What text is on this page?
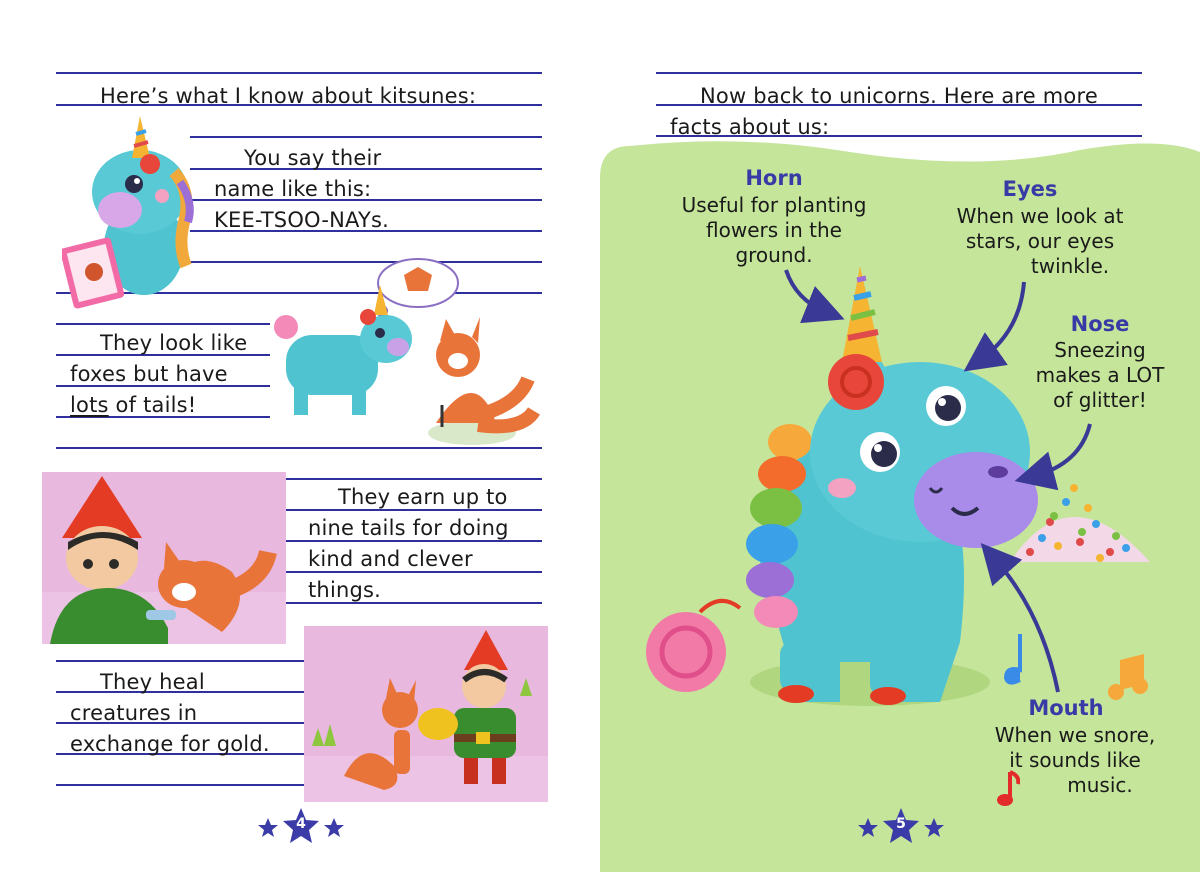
Here’s what I know about kitsunes:
You say their
name like this:
KEE-TSOO-NAYs.
They look like
foxes but have
lots of tails!
They earn up to
nine tails for doing
kind and clever
things.
They heal
creatures in
exchange for gold.
4
Now back to unicorns. Here are more
facts about us:
Horn
Useful for planting
flowers in the
ground.
Eyes
When we look at
stars, our eyes
twinkle.
Nose
Sneezing
makes a LOT
of glitter!
Mouth
When we snore,
it sounds like
music.
5
